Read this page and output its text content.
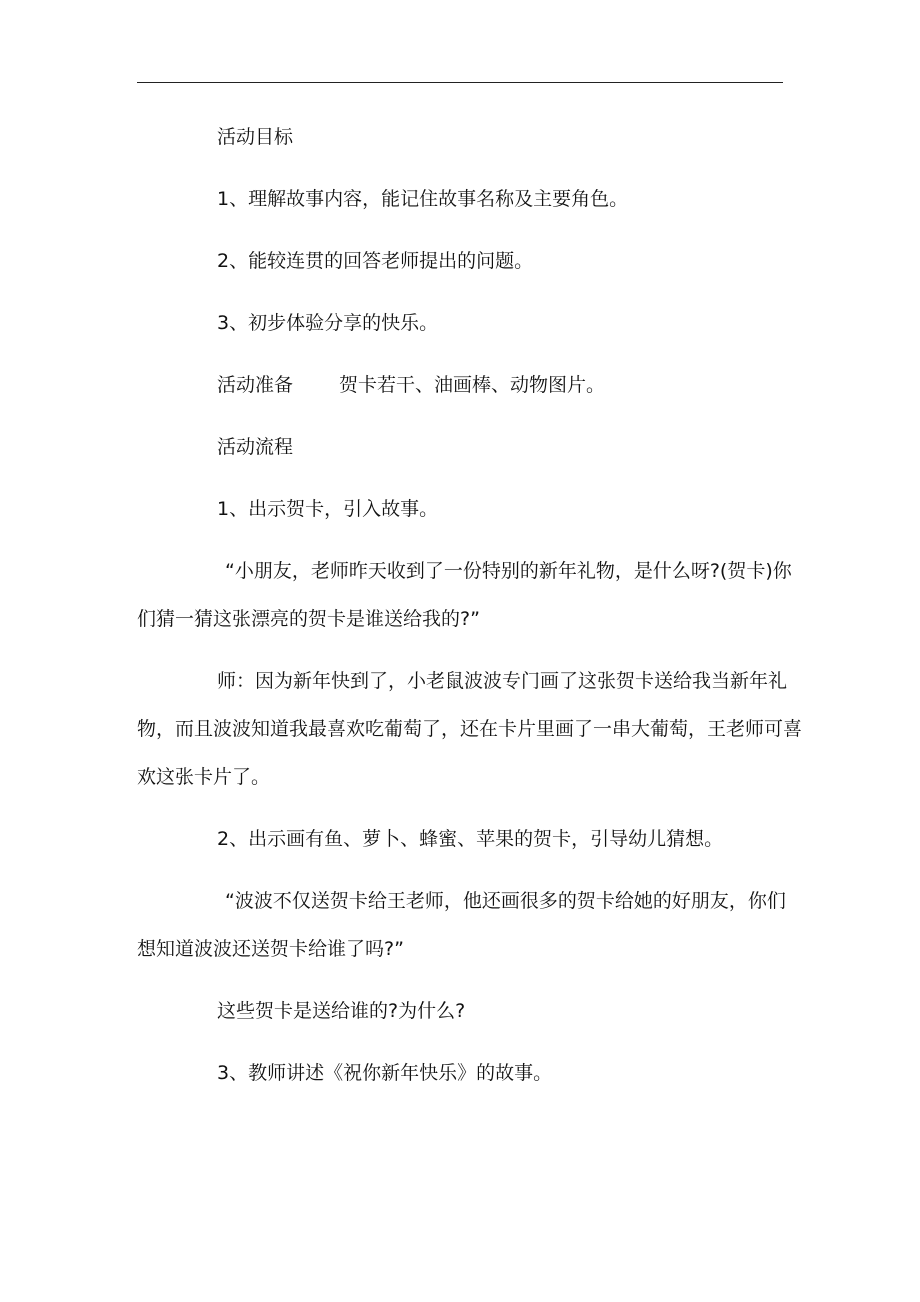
活动目标
1、理解故事内容，能记住故事名称及主要角色。
2、能较连贯的回答老师提出的问题。
3、初步体验分享的快乐。
活动准备 贺卡若干、油画棒、动物图片。
活动流程
1、出示贺卡，引入故事。
“小朋友，老师昨天收到了一份特别的新年礼物，是什么呀?(贺卡)你
们猜一猜这张漂亮的贺卡是谁送给我的?”
师：因为新年快到了，小老鼠波波专门画了这张贺卡送给我当新年礼
物，而且波波知道我最喜欢吃葡萄了，还在卡片里画了一串大葡萄，王老师可喜
欢这张卡片了。
2、出示画有鱼、萝卜、蜂蜜、苹果的贺卡，引导幼儿猜想。
“波波不仅送贺卡给王老师，他还画很多的贺卡给她的好朋友，你们
想知道波波还送贺卡给谁了吗?”
这些贺卡是送给谁的?为什么?
3、教师讲述《祝你新年快乐》的故事。
